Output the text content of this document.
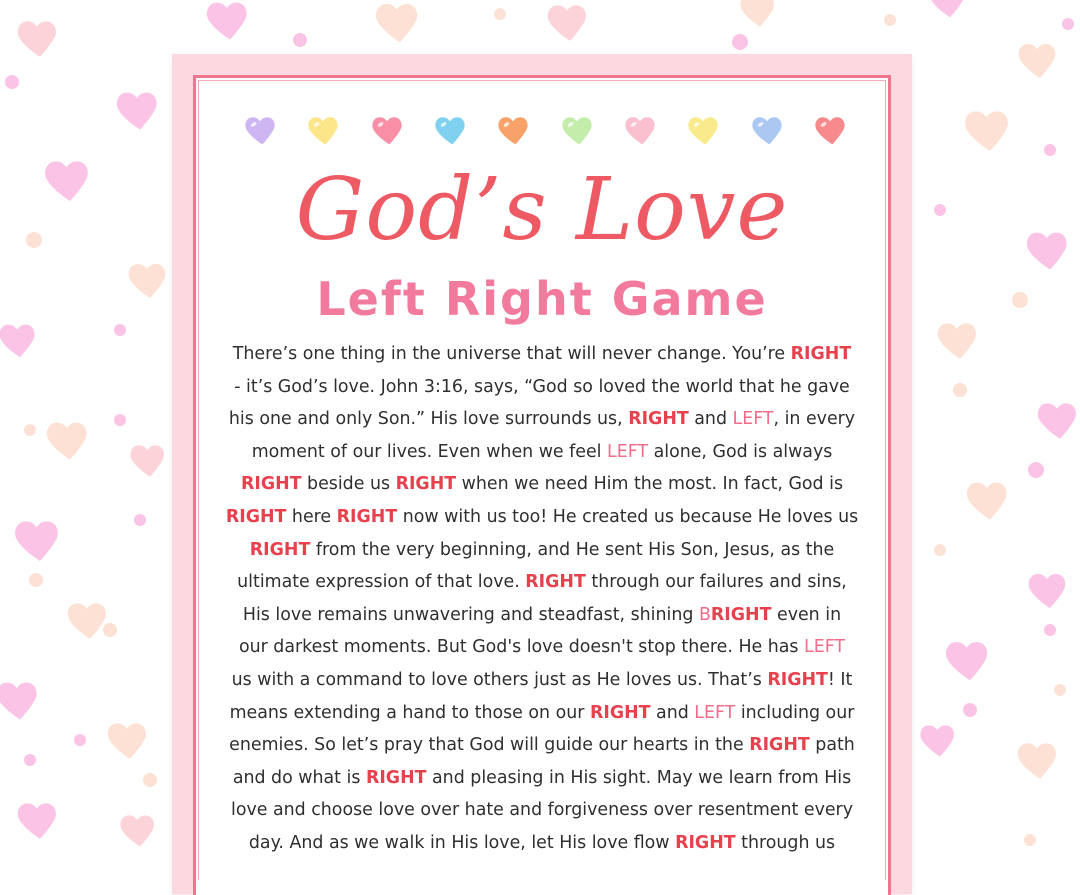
God’s Love
Left Right Game
There’s one thing in the universe that will never change. You’re RIGHT
- it’s God’s love. John 3:16, says, “God so loved the world that he gave
his one and only Son.” His love surrounds us, RIGHT and LEFT, in every
moment of our lives. Even when we feel LEFT alone, God is always
RIGHT beside us RIGHT when we need Him the most. In fact, God is
RIGHT here RIGHT now with us too! He created us because He loves us
RIGHT from the very beginning, and He sent His Son, Jesus, as the
ultimate expression of that love. RIGHT through our failures and sins,
His love remains unwavering and steadfast, shining BRIGHT even in
our darkest moments. But God's love doesn't stop there. He has LEFT
us with a command to love others just as He loves us. That’s RIGHT! It
means extending a hand to those on our RIGHT and LEFT including our
enemies. So let’s pray that God will guide our hearts in the RIGHT path
and do what is RIGHT and pleasing in His sight. May we learn from His
love and choose love over hate and forgiveness over resentment every
day. And as we walk in His love, let His love flow RIGHT through us
